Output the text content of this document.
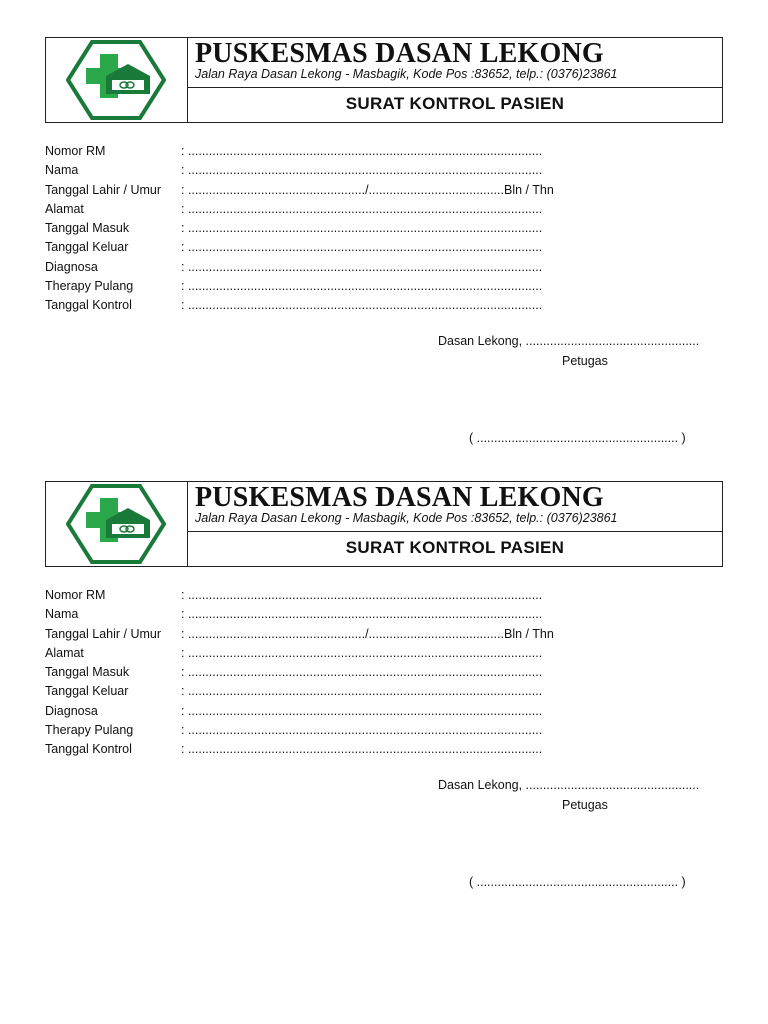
PUSKESMAS DASAN LEKONG
Jalan Raya Dasan Lekong - Masbagik, Kode Pos :83652, telp.: (0376)23861
SURAT KONTROL PASIEN
Nomor RM	: ......................................................................................................
Nama	: ......................................................................................................
Tanggal Lahir / Umur : .................................................../.......................................Bln / Thn
Alamat	: ......................................................................................................
Tanggal Masuk	: ......................................................................................................
Tanggal Keluar	: ......................................................................................................
Diagnosa	: ......................................................................................................
Therapy Pulang	: ......................................................................................................
Tanggal Kontrol	: ......................................................................................................
Dasan Lekong, ..................................................
Petugas
( .......................................................... )
PUSKESMAS DASAN LEKONG
Jalan Raya Dasan Lekong - Masbagik, Kode Pos :83652, telp.: (0376)23861
SURAT KONTROL PASIEN
Nomor RM	: ......................................................................................................
Nama	: ......................................................................................................
Tanggal Lahir / Umur : .................................................../.......................................Bln / Thn
Alamat	: ......................................................................................................
Tanggal Masuk	: ......................................................................................................
Tanggal Keluar	: ......................................................................................................
Diagnosa	: ......................................................................................................
Therapy Pulang	: ......................................................................................................
Tanggal Kontrol	: ......................................................................................................
Dasan Lekong, ..................................................
Petugas
( .......................................................... )
